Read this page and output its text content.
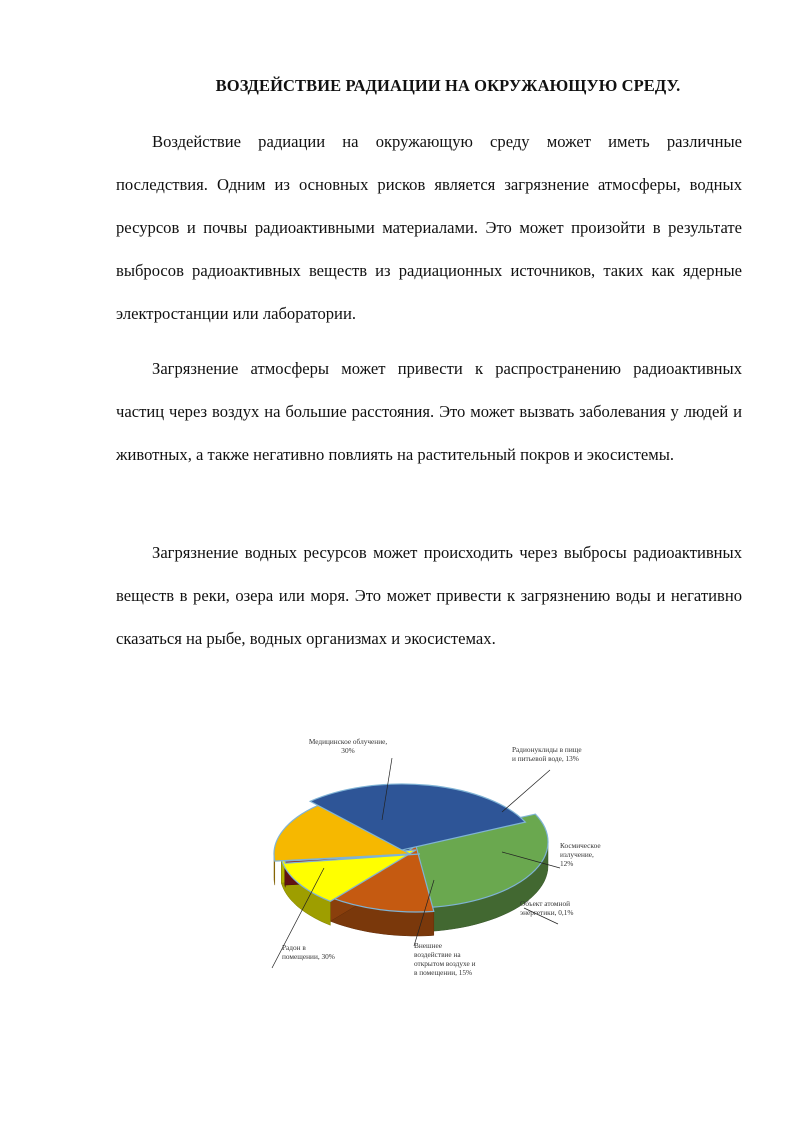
ВОЗДЕЙСТВИЕ РАДИАЦИИ НА ОКРУЖАЮЩУЮ СРЕДУ.

Воздействие радиации на окружающую среду может иметь различные последствия. Одним из основных рисков является загрязнение атмосферы, водных ресурсов и почвы радиоактивными материалами. Это может произойти в результате выбросов радиоактивных веществ из радиационных источников, таких как ядерные электростанции или лаборатории.

Загрязнение атмосферы может привести к распространению радиоактивных частиц через воздух на большие расстояния. Это может вызвать заболевания у людей и животных, а также негативно повлиять на растительный покров и экосистемы.

Загрязнение водных ресурсов может происходить через выбросы радиоактивных веществ в реки, озера или моря. Это может привести к загрязнению воды и негативно сказаться на рыбе, водных организмах и экосистемах.

Медицинское облучение, 30%	Радионуклиды в пище и питьевой воде, 13%
Космическое излучение, 12%
Объект атомной энергетики, 0,1%
Внешнее воздействие на открытом воздухе и в помещении, 15%
Радон в помещении, 30%
